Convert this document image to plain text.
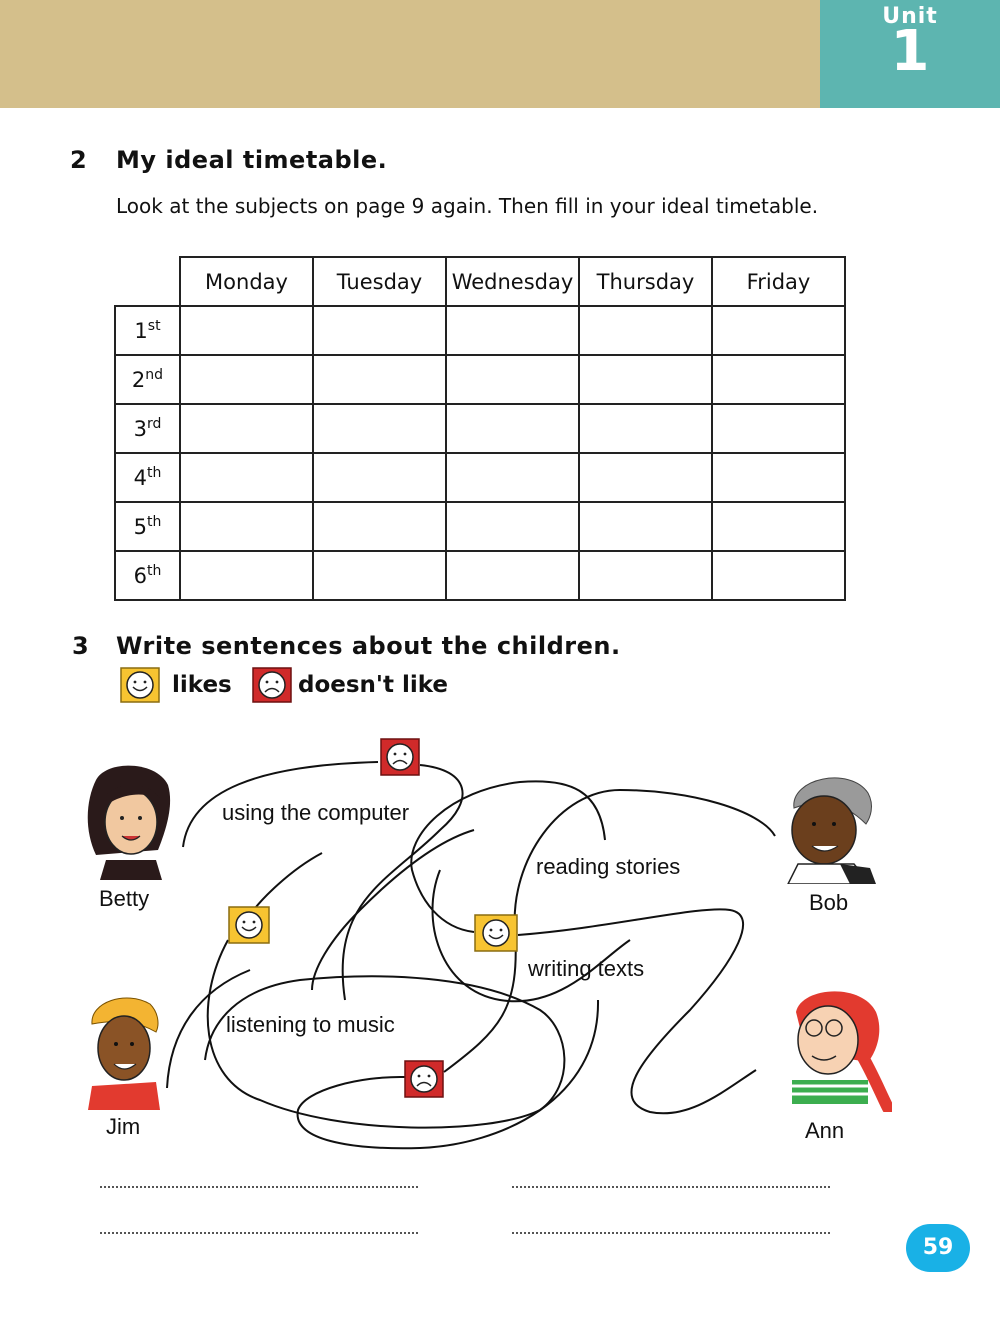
Unit
1
2 My ideal timetable.
Look at the subjects on page 9 again. Then fill in your ideal timetable.
	Monday	Tuesday	Wednesday	Thursday	Friday
1st					
2nd					
3rd					
4th					
5th					
6th					
3 Write sentences about the children.
likes	doesn't like
using the computer
reading stories
writing texts
listening to music
Betty	Bob
Jim	Ann
59
